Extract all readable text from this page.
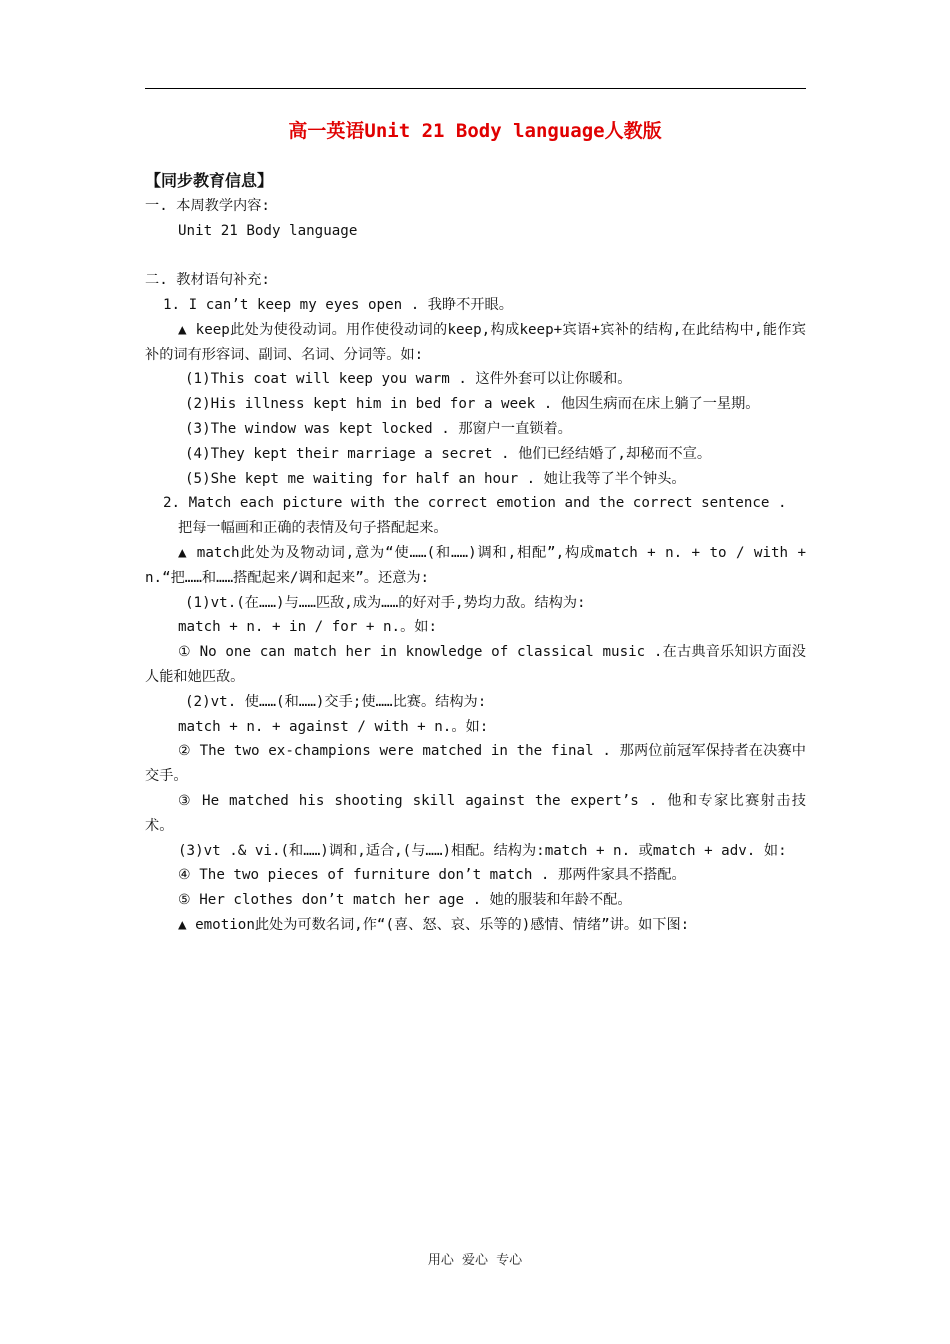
高一英语Unit 21 Body language人教版

【同步教育信息】

一. 本周教学内容:

Unit 21 Body language

二. 教材语句补充:

1. I can’t keep my eyes open . 我睁不开眼。

▲ keep此处为使役动词。用作使役动词的keep,构成keep+宾语+宾补的结构,在此结构中,能作宾补的词有形容词、副词、名词、分词等。如:

(1)This coat will keep you warm . 这件外套可以让你暖和。

(2)His illness kept him in bed for a week . 他因生病而在床上躺了一星期。

(3)The window was kept locked . 那窗户一直锁着。

(4)They kept their marriage a secret . 他们已经结婚了,却秘而不宣。

(5)She kept me waiting for half an hour . 她让我等了半个钟头。

2. Match each picture with the correct emotion and the correct sentence .

把每一幅画和正确的表情及句子搭配起来。

▲ match此处为及物动词,意为“使……(和……)调和,相配”,构成match + n. + to / with + n.“把……和……搭配起来/调和起来”。还意为:

(1)vt.(在……)与……匹敌,成为……的好对手,势均力敌。结构为:

match + n. + in / for + n.。如:

① No one can match her in knowledge of classical music .在古典音乐知识方面没人能和她匹敌。

(2)vt. 使……(和……)交手;使……比赛。结构为:

match + n. + against / with + n.。如:

② The two ex-champions were matched in the final . 那两位前冠军保持者在决赛中交手。

③ He matched his shooting skill against the expert’s . 他和专家比赛射击技术。

(3)vt .& vi.(和……)调和,适合,(与……)相配。结构为:match + n. 或match + adv. 如:

④ The two pieces of furniture don’t match . 那两件家具不搭配。

⑤ Her clothes don’t match her age . 她的服装和年龄不配。

▲ emotion此处为可数名词,作“(喜、怒、哀、乐等的)感情、情绪”讲。如下图:

用心 爱心 专心
